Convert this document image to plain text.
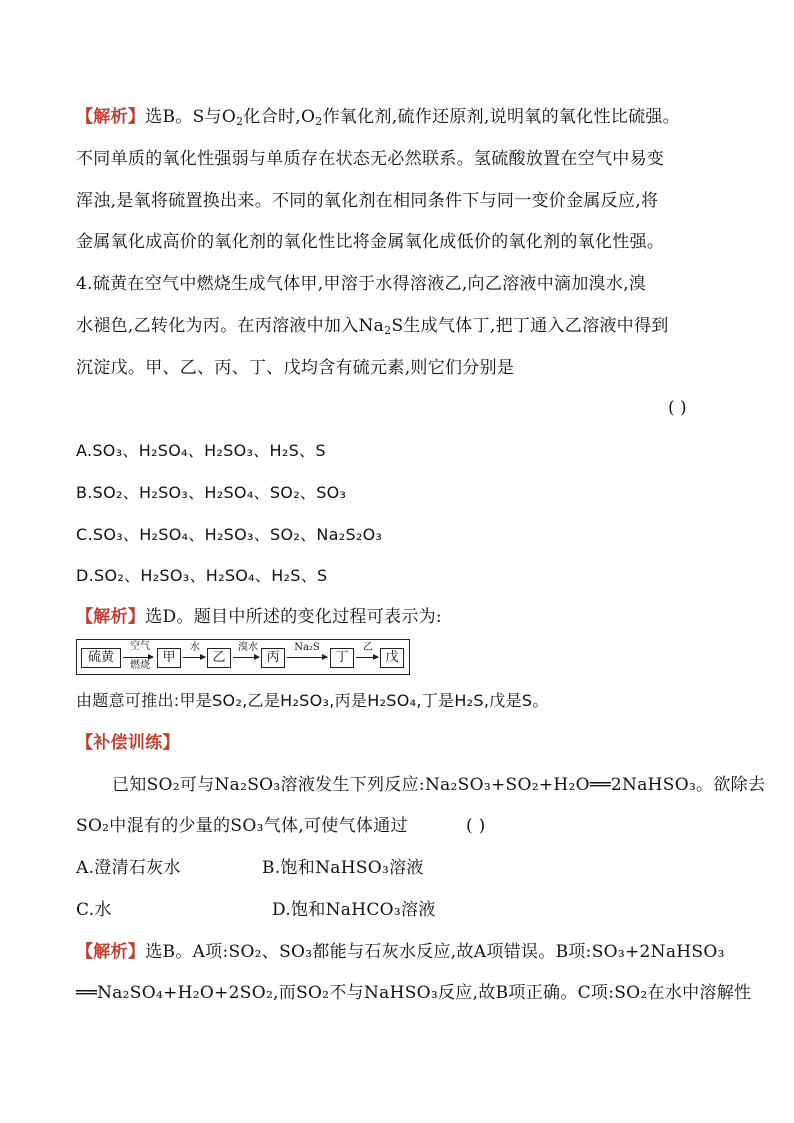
【解析】选B。S与$O_2$化合时$,O_2$作氧化剂,硫作还原剂,说明氧的氧化性比硫强。
不同单质的氧化性强弱与单质存在状态无必然联系。氢硫酸放置在空气中易变
浑浊,是氧将硫置换出来。不同的氧化剂在相同条件下与同一变价金属反应,将
金属氧化成高价的氧化剂的氧化性比将金属氧化成低价的氧化剂的氧化性强。
4.硫黄在空气中燃烧生成气体甲,甲溶于水得溶液乙,向乙溶液中滴加溴水,溴
水褪色,乙转化为丙。在丙溶液中加入$Na_2S$生成气体丁,把丁通入乙溶液中得到
沉淀戊。甲、乙、丙、丁、戊均含有硫元素,则它们分别是
( )
A.SO₃、H₂SO₄、H₂SO₃、H₂S、S
B.SO₂、H₂SO₃、H₂SO₄、SO₂、SO₃
C.SO₃、H₂SO₄、H₂SO₃、SO₂、Na₂S₂O₃
D.SO₂、H₂SO₃、H₂SO₄、H₂S、S
【解析】选D。题目中所述的变化过程可表示为:
硫黄
空气
燃烧
甲
水
乙
溴水
丙
Na₂S
丁
乙
戊
由题意可推出:甲是SO₂,乙是H₂SO₃,丙是H₂SO₄,丁是H₂S,戊是S。
【补偿训练】
已知SO₂可与Na₂SO₃溶液发生下列反应:Na₂SO₃+SO₂+H₂O══2NaHSO₃。欲除去
SO₂中混有的少量的SO₃气体,可使气体通过	( )
A.澄清石灰水	B.饱和NaHSO₃溶液
C.水	D.饱和NaHCO₃溶液
【解析】选B。A项:SO₂、SO₃都能与石灰水反应,故A项错误。B项:SO₃+2NaHSO₃
══Na₂SO₄+H₂O+2SO₂,而SO₂不与NaHSO₃反应,故B项正确。C项:SO₂在水中溶解性
